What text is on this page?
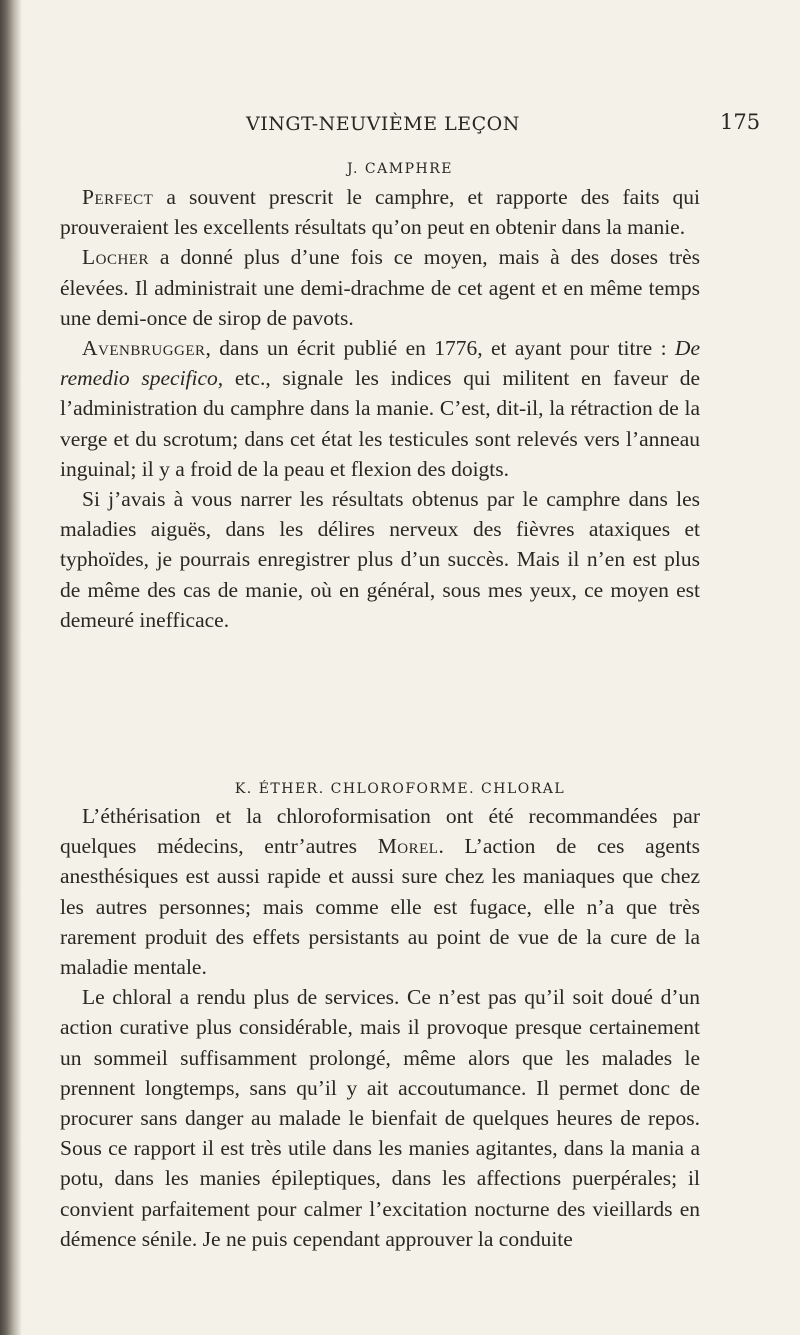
VINGT-NEUVIÈME LEÇON	175
J. CAMPHRE

Perfect a souvent prescrit le camphre, et rapporte des faits qui prouveraient les excellents résultats qu’on peut en obtenir dans la manie.

Locher a donné plus d’une fois ce moyen, mais à des doses très élevées. Il administrait une demi-drachme de cet agent et en même temps une demi-once de sirop de pavots.

Avenbrugger, dans un écrit publié en 1776, et ayant pour titre : De remedio specifico, etc., signale les indices qui militent en faveur de l’administration du camphre dans la manie. C’est, dit-il, la rétraction de la verge et du scrotum; dans cet état les testicules sont relevés vers l’anneau inguinal; il y a froid de la peau et flexion des doigts.

Si j’avais à vous narrer les résultats obtenus par le camphre dans les maladies aiguës, dans les délires nerveux des fièvres ataxiques et typhoïdes, je pourrais enregistrer plus d’un succès. Mais il n’en est plus de même des cas de manie, où en général, sous mes yeux, ce moyen est demeuré inefficace.

K. ÉTHER. CHLOROFORME. CHLORAL

L’éthérisation et la chloroformisation ont été recommandées par quelques médecins, entr’autres Morel. L’action de ces agents anesthésiques est aussi rapide et aussi sure chez les maniaques que chez les autres personnes; mais comme elle est fugace, elle n’a que très rarement produit des effets persistants au point de vue de la cure de la maladie mentale.

Le chloral a rendu plus de services. Ce n’est pas qu’il soit doué d’un action curative plus considérable, mais il provoque presque certainement un sommeil suffisamment prolongé, même alors que les malades le prennent longtemps, sans qu’il y ait accoutumance. Il permet donc de procurer sans danger au malade le bienfait de quelques heures de repos. Sous ce rapport il est très utile dans les manies agitantes, dans la mania a potu, dans les manies épileptiques, dans les affections puerpérales; il convient parfaitement pour calmer l’excitation nocturne des vieillards en démence sénile. Je ne puis cependant approuver la conduite
